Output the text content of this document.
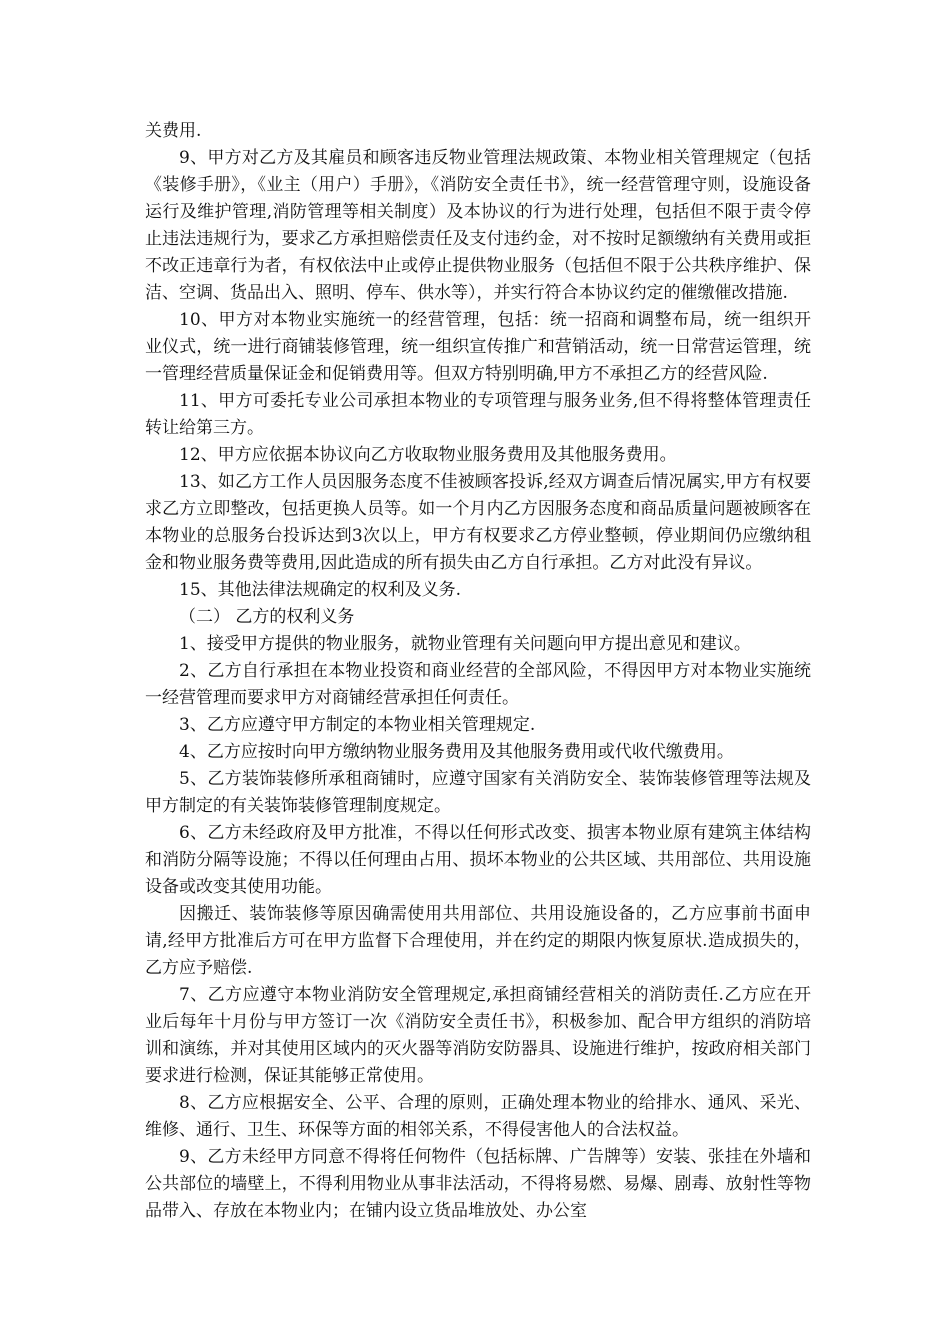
关费用.

9、甲方对乙方及其雇员和顾客违反物业管理法规政策、本物业相关管理规定（包括《装修手册》，《业主（用户）手册》，《消防安全责任书》，统一经营管理守则，设施设备运行及维护管理,消防管理等相关制度）及本协议的行为进行处理，包括但不限于责令停止违法违规行为，要求乙方承担赔偿责任及支付违约金，对不按时足额缴纳有关费用或拒不改正违章行为者，有权依法中止或停止提供物业服务（包括但不限于公共秩序维护、保洁、空调、货品出入、照明、停车、供水等），并实行符合本协议约定的催缴催改措施.

10、甲方对本物业实施统一的经营管理，包括：统一招商和调整布局，统一组织开业仪式，统一进行商铺装修管理，统一组织宣传推广和营销活动，统一日常营运管理，统一管理经营质量保证金和促销费用等。但双方特别明确,甲方不承担乙方的经营风险.

11、甲方可委托专业公司承担本物业的专项管理与服务业务,但不得将整体管理责任转让给第三方。

12、甲方应依据本协议向乙方收取物业服务费用及其他服务费用。

13、如乙方工作人员因服务态度不佳被顾客投诉,经双方调查后情况属实,甲方有权要求乙方立即整改，包括更换人员等。如一个月内乙方因服务态度和商品质量问题被顾客在本物业的总服务台投诉达到3次以上，甲方有权要求乙方停业整顿，停业期间仍应缴纳租金和物业服务费等费用,因此造成的所有损失由乙方自行承担。乙方对此没有异议。

15、其他法律法规确定的权利及义务.

（二） 乙方的权利义务

1、接受甲方提供的物业服务，就物业管理有关问题向甲方提出意见和建议。

2、乙方自行承担在本物业投资和商业经营的全部风险，不得因甲方对本物业实施统一经营管理而要求甲方对商铺经营承担任何责任。

3、乙方应遵守甲方制定的本物业相关管理规定.

4、乙方应按时向甲方缴纳物业服务费用及其他服务费用或代收代缴费用。

5、乙方装饰装修所承租商铺时，应遵守国家有关消防安全、装饰装修管理等法规及甲方制定的有关装饰装修管理制度规定。

6、乙方未经政府及甲方批准，不得以任何形式改变、损害本物业原有建筑主体结构和消防分隔等设施；不得以任何理由占用、损坏本物业的公共区域、共用部位、共用设施设备或改变其使用功能。

因搬迁、装饰装修等原因确需使用共用部位、共用设施设备的，乙方应事前书面申请,经甲方批准后方可在甲方监督下合理使用，并在约定的期限内恢复原状.造成损失的，乙方应予赔偿.

7、乙方应遵守本物业消防安全管理规定,承担商铺经营相关的消防责任.乙方应在开业后每年十月份与甲方签订一次《消防安全责任书》，积极参加、配合甲方组织的消防培训和演练，并对其使用区域内的灭火器等消防安防器具、设施进行维护，按政府相关部门要求进行检测，保证其能够正常使用。

8、乙方应根据安全、公平、合理的原则，正确处理本物业的给排水、通风、采光、维修、通行、卫生、环保等方面的相邻关系，不得侵害他人的合法权益。

9、乙方未经甲方同意不得将任何物件（包括标牌、广告牌等）安装、张挂在外墙和公共部位的墙壁上，不得利用物业从事非法活动，不得将易燃、易爆、剧毒、放射性等物品带入、存放在本物业内；在铺内设立货品堆放处、办公室
